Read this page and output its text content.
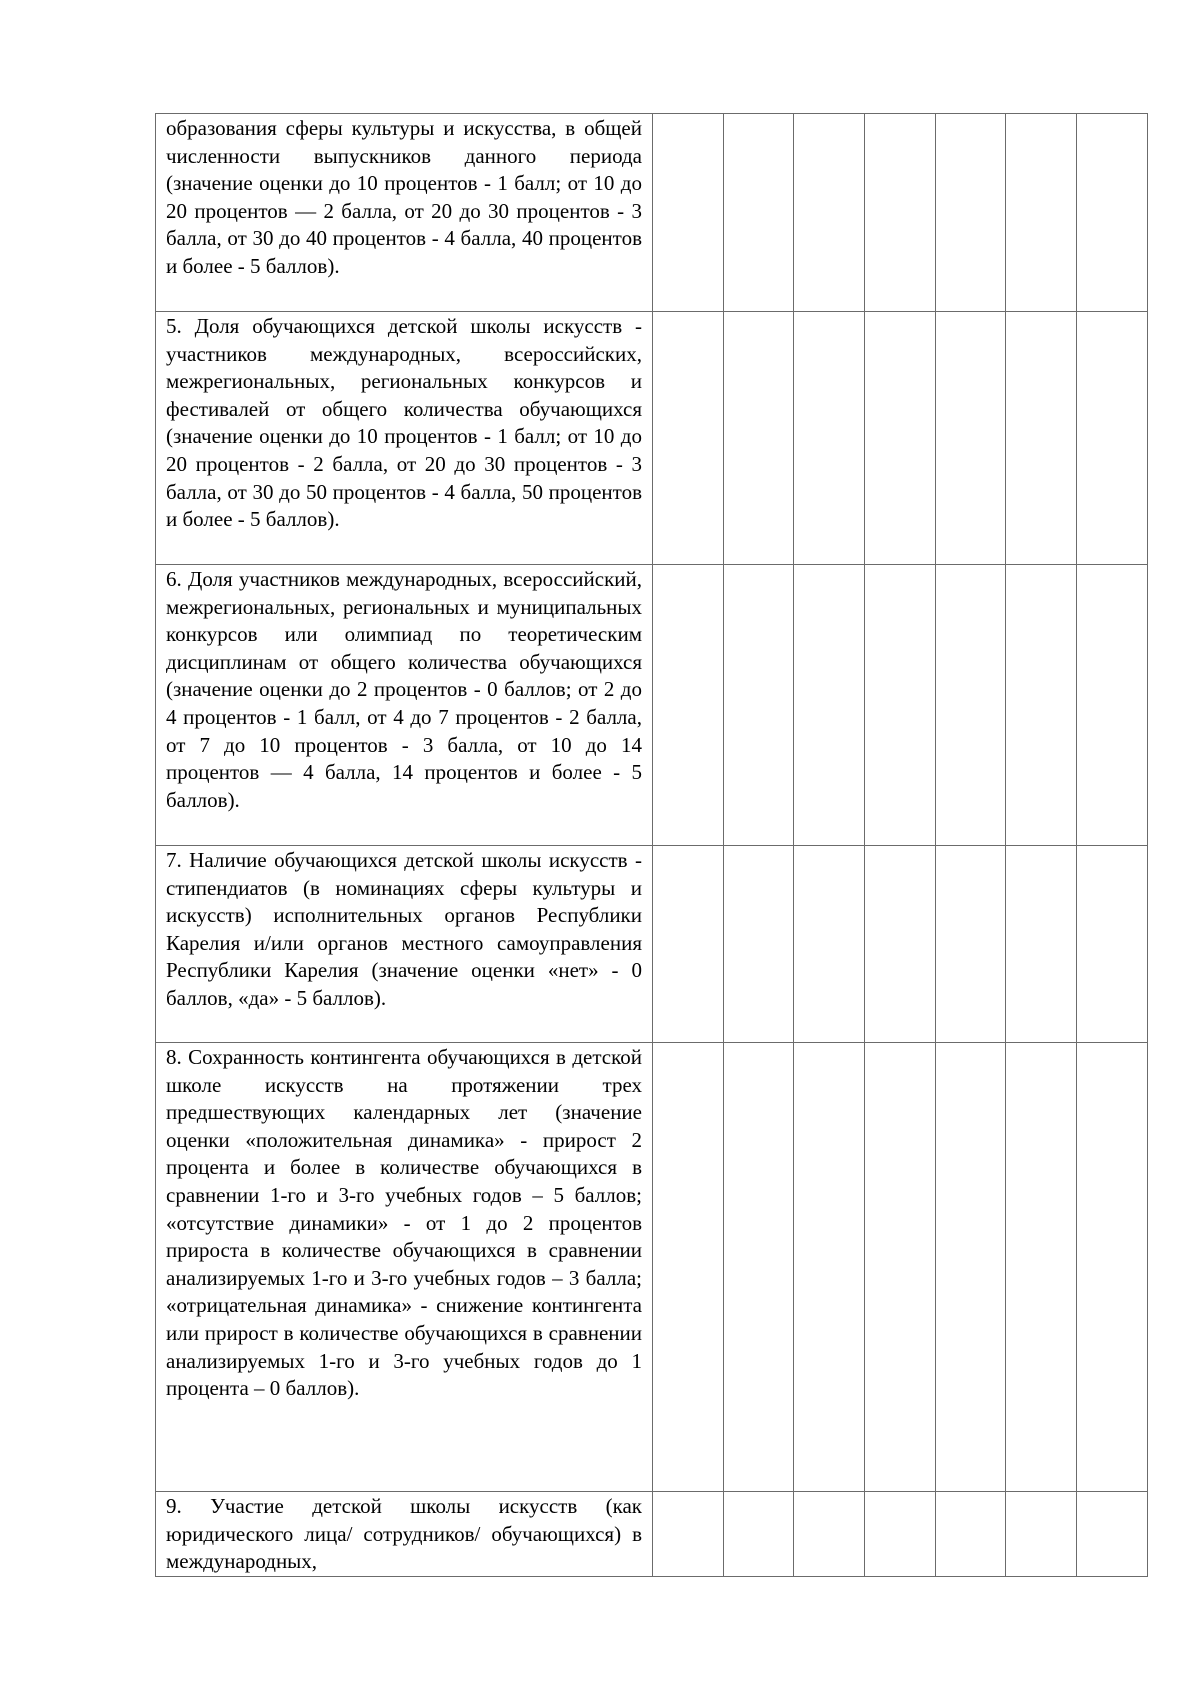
образования сферы культуры и искусства, в общей численности выпускников данного периода (значение оценки до 10 процентов - 1 балл; от 10 до 20 процентов — 2 балла, от 20 до 30 процентов - 3 балла, от 30 до 40 процентов - 4 балла, 40 процентов и более - 5 баллов).							

5. Доля обучающихся детской школы искусств - участников международных, всероссийских, межрегиональных, региональных конкурсов и фестивалей от общего количества обучающихся (значение оценки до 10 процентов - 1 балл; от 10 до 20 процентов - 2 балла, от 20 до 30 процентов - 3 балла, от 30 до 50 процентов - 4 балла, 50 процентов и более - 5 баллов).							

6. Доля участников международных, всероссийский, межрегиональных, региональных и муниципальных конкурсов или олимпиад по теоретическим дисциплинам от общего количества обучающихся (значение оценки до 2 процентов - 0 баллов; от 2 до 4 процентов - 1 балл, от 4 до 7 процентов - 2 балла, от 7 до 10 процентов - 3 балла, от 10 до 14 процентов — 4 балла, 14 процентов и более - 5 баллов).							

7. Наличие обучающихся детской школы искусств - стипендиатов (в номинациях сферы культуры и искусств) исполнительных органов Республики Карелия и/или органов местного самоуправления Республики Карелия (значение оценки «нет» - 0 баллов, «да» - 5 баллов).							

8. Сохранность контингента обучающихся в детской школе искусств на протяжении трех предшествующих календарных лет (значение оценки «положительная динамика» - прирост 2 процента и более в количестве обучающихся в сравнении 1-го и 3-го учебных годов – 5 баллов; «отсутствие динамики» - от 1 до 2 процентов прироста в количестве обучающихся в сравнении анализируемых 1-го и 3-го учебных годов – 3 балла; «отрицательная динамика» - снижение контингента или прирост в количестве обучающихся в сравнении анализируемых 1-го и 3-го учебных годов до 1 процента – 0 баллов).							

9. Участие детской школы искусств (как юридического лица/ сотрудников/ обучающихся) в международных,							
